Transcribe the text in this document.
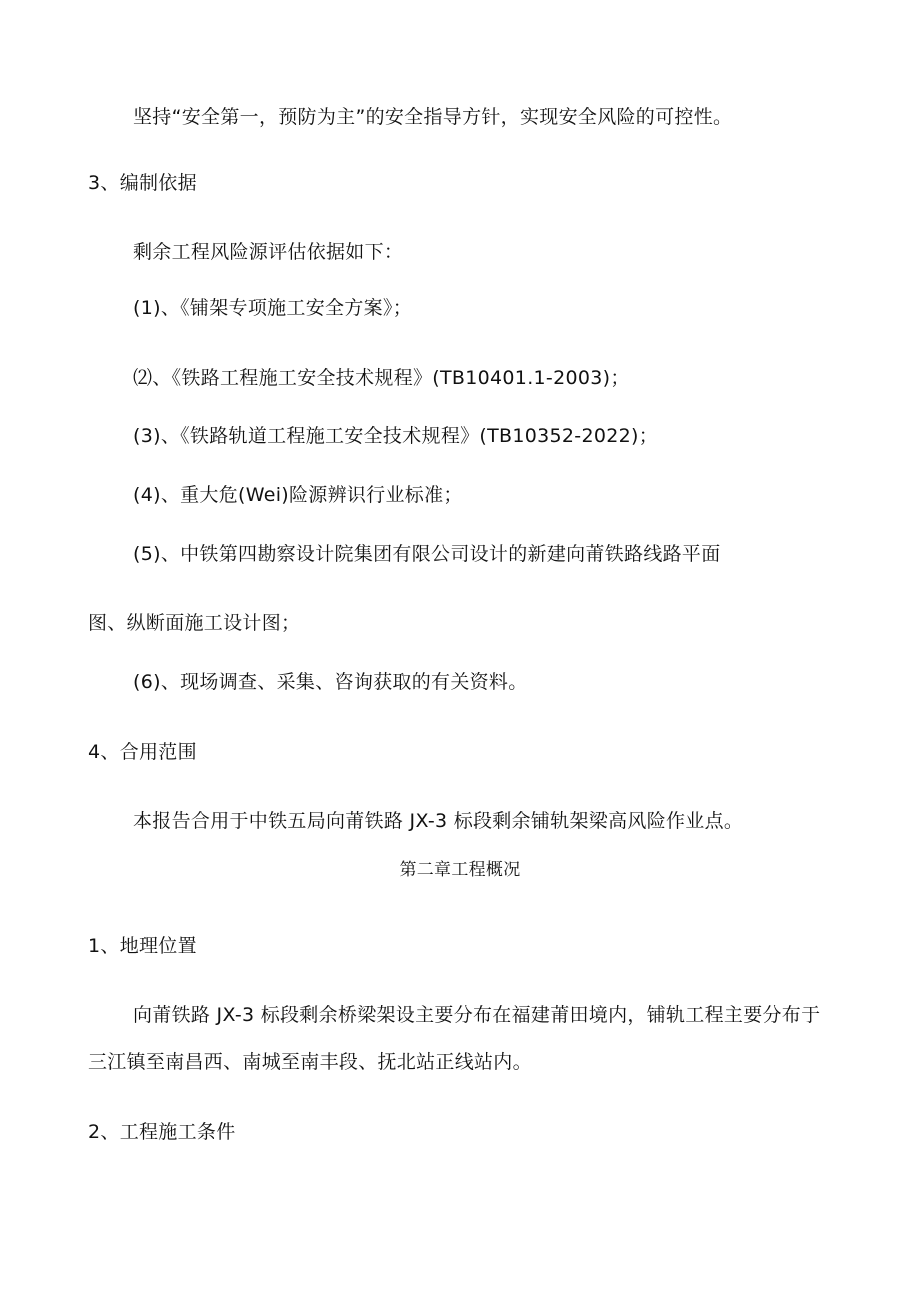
坚持“安全第一，预防为主”的安全指导方针，实现安全风险的可控性。
3、编制依据
剩余工程风险源评估依据如下：
(1)、《铺架专项施工安全方案》；
⑵、《铁路工程施工安全技术规程》(TB10401.1-2003)；
(3)、《铁路轨道工程施工安全技术规程》(TB10352-2022)；
(4)、重大危(Wei)险源辨识行业标准；
(5)、中铁第四勘察设计院集团有限公司设计的新建向莆铁路线路平面
图、纵断面施工设计图；
(6)、现场调查、采集、咨询获取的有关资料。
4、合用范围
本报告合用于中铁五局向莆铁路 JX-3 标段剩余铺轨架梁高风险作业点。
第二章工程概况
1、地理位置
向莆铁路 JX-3 标段剩余桥梁架设主要分布在福建莆田境内，铺轨工程主要分布于
三江镇至南昌西、南城至南丰段、抚北站正线站内。
2、工程施工条件
